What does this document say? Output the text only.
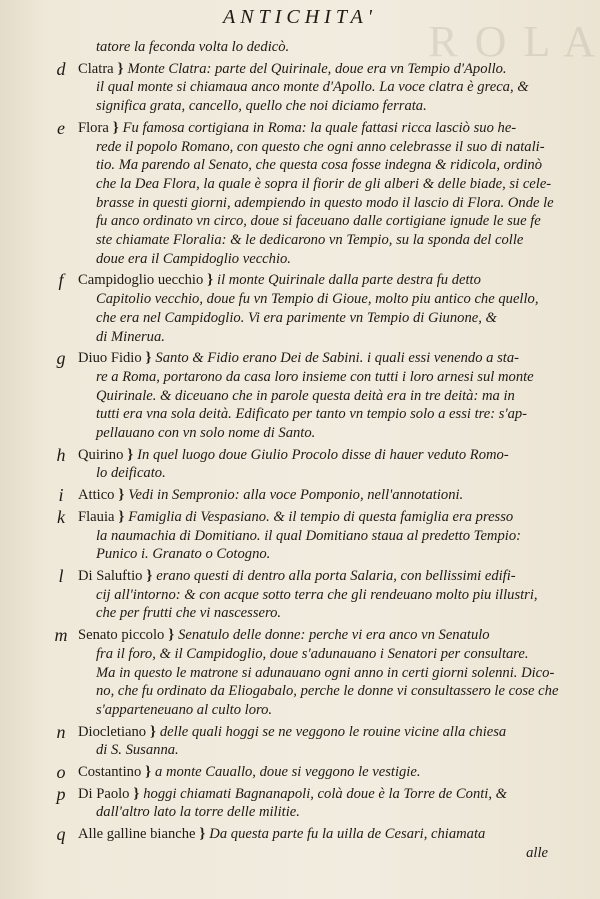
R O L A
ANTICHITA'
tatore la feconda volta lo dedicò.
d Clatra } Monte Clatra: parte del Quirinale, doue era vn Tempio d'Apollo.
il qual monte si chiamaua anco monte d'Apollo. La voce clatra è greca, &
significa grata, cancello, quello che noi diciamo ferrata.
e Flora } Fu famosa cortigiana in Roma: la quale fattasi ricca lasciò suo he-
rede il popolo Romano, con questo che ogni anno celebrasse il suo di natali-
tio. Ma parendo al Senato, che questa cosa fosse indegna & ridicola, ordinò
che la Dea Flora, la quale è sopra il fiorir de gli alberi & delle biade, si cele-
brasse in questi giorni, adempiendo in questo modo il lascio di Flora. Onde le
fu anco ordinato vn circo, doue si faceuano dalle cortigiane ignude le sue fe
ste chiamate Floralia: & le dedicarono vn Tempio, su la sponda del colle
doue era il Campidoglio vecchio.
f Campidoglio uecchio } il monte Quirinale dalla parte destra fu detto
Capitolio vecchio, doue fu vn Tempio di Gioue, molto piu antico che quello,
che era nel Campidoglio. Vi era parimente vn Tempio di Giunone, &
di Minerua.
g Diuo Fidio } Santo & Fidio erano Dei de Sabini. i quali essi venendo a sta-
re a Roma, portarono da casa loro insieme con tutti i loro arnesi sul monte
Quirinale. & diceuano che in parole questa deità era in tre deità: ma in
tutti era vna sola deità. Edificato per tanto vn tempio solo a essi tre: s'ap-
pellauano con vn solo nome di Santo.
h Quirino } In quel luogo doue Giulio Procolo disse di hauer veduto Romo-
lo deificato.
i Attico } Vedi in Sempronio: alla voce Pomponio, nell'annotationi.
k Flauia } Famiglia di Vespasiano. & il tempio di questa famiglia era presso
la naumachia di Domitiano. il qual Domitiano staua al predetto Tempio:
Punico i. Granato o Cotogno.
l Di Saluftio } erano questi di dentro alla porta Salaria, con bellissimi edifi-
cij all'intorno: & con acque sotto terra che gli rendeuano molto piu illustri,
che per frutti che vi nascessero.
m Senato piccolo } Senatulo delle donne: perche vi era anco vn Senatulo
fra il foro, & il Campidoglio, doue s'adunauano i Senatori per consultare.
Ma in questo le matrone si adunauano ogni anno in certi giorni solenni. Dico-
no, che fu ordinato da Eliogabalo, perche le donne vi consultassero le cose che
s'apparteneuano al culto loro.
n Diocletiano } delle quali hoggi se ne veggono le rouine vicine alla chiesa
di S. Susanna.
o Costantino } a monte Cauallo, doue si veggono le vestigie.
p Di Paolo } hoggi chiamati Bagnanapoli, colà doue è la Torre de Conti, &
dall'altro lato la torre delle militie.
q Alle galline bianche } Da questa parte fu la uilla de Cesari, chiamata
alle
